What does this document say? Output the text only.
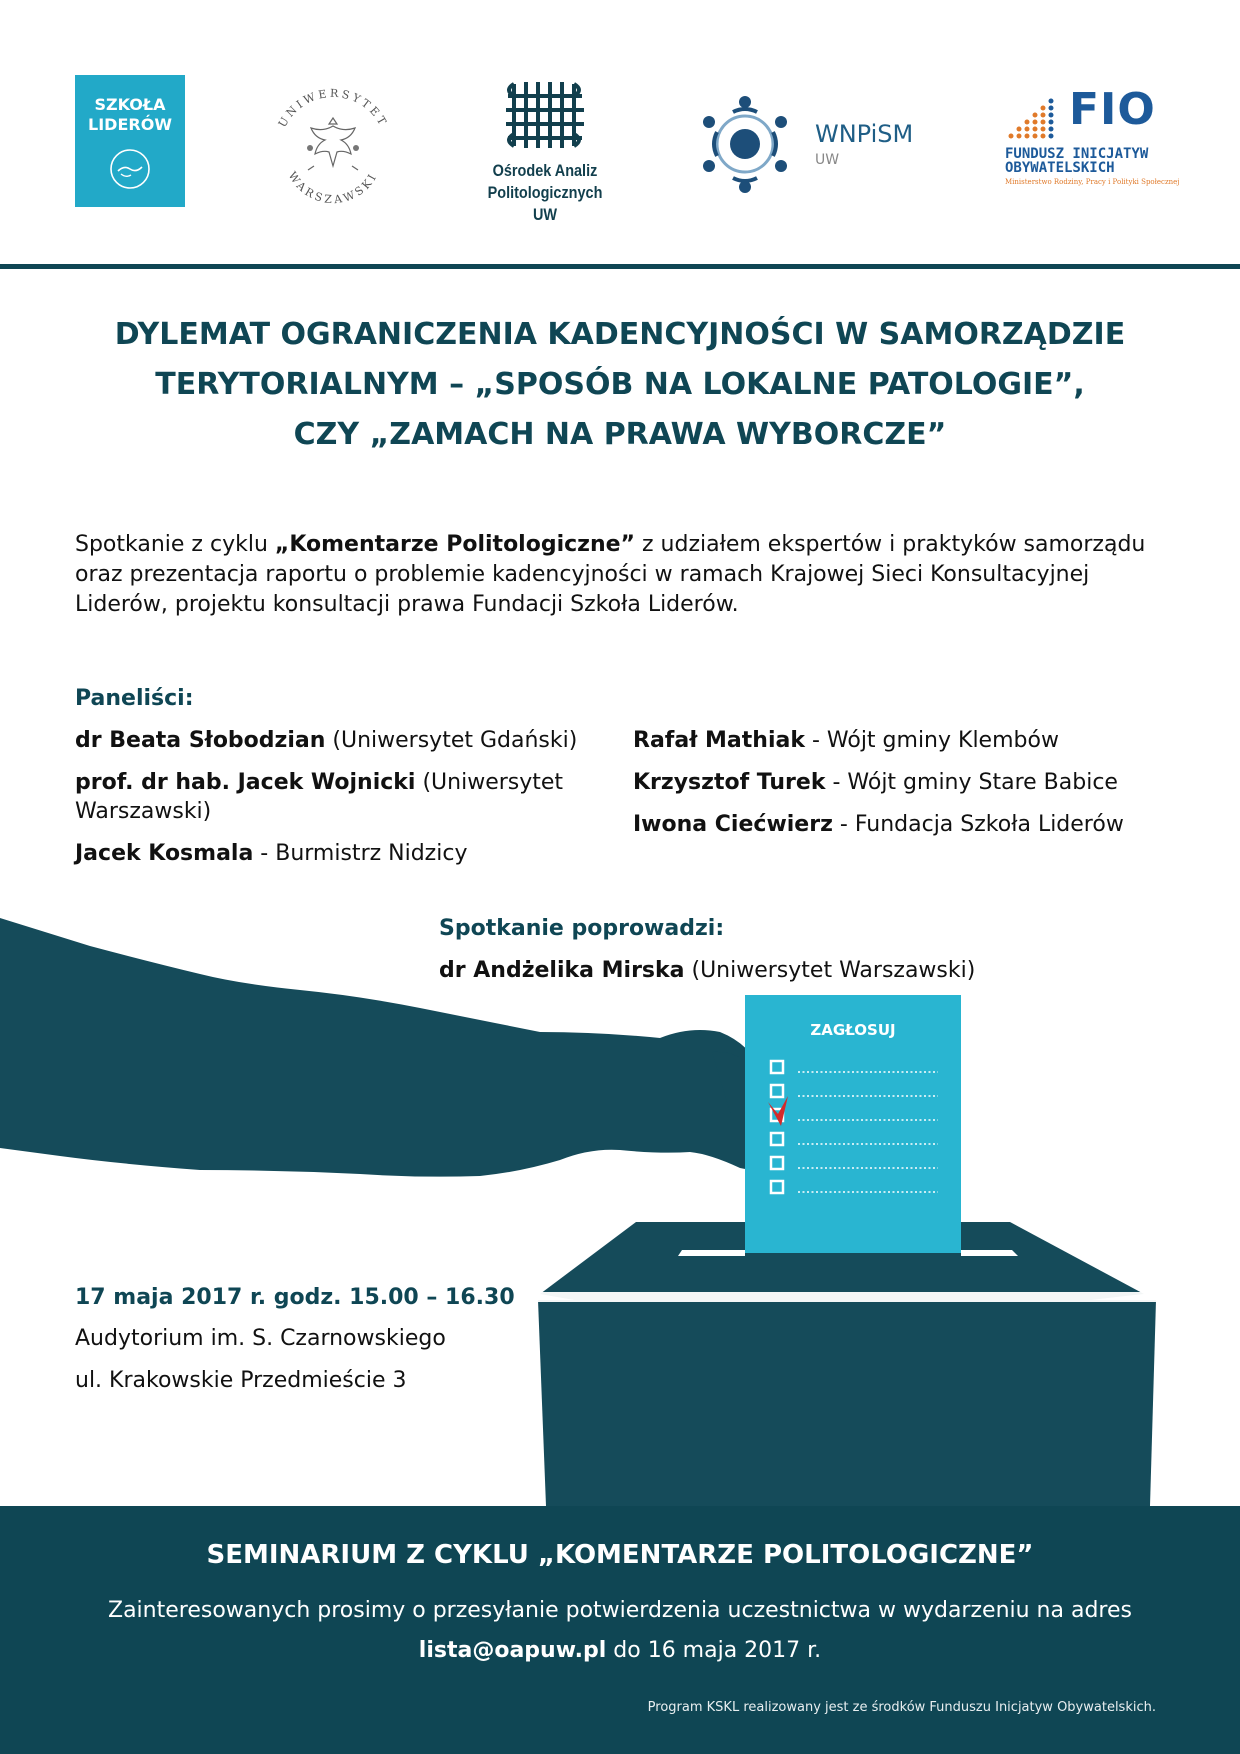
SZKOŁA
LIDERÓW	UNIWERSYTET
WARSZAWSKI	Ośrodek Analiz
Politologicznych UW
WNPiSM
UW
FIO
FUNDUSZ INICJATYW
OBYWATELSKICH
Ministerstwo Rodziny, Pracy i Polityki Społecznej
DYLEMAT OGRANICZENIA KADENCYJNOŚCI W SAMORZĄDZIE
TERYTORIALNYM – „SPOSÓB NA LOKALNE PATOLOGIE”,
CZY „ZAMACH NA PRAWA WYBORCZE”
Spotkanie z cyklu „Komentarze Politologiczne” z udziałem ekspertów i praktyków samorządu oraz prezentacja raportu o problemie kadencyjności w ramach Krajowej Sieci Konsultacyjnej Liderów, projektu konsultacji prawa Fundacji Szkoła Liderów.
Paneliści:

dr Beata Słobodzian (Uniwersytet Gdański)

prof. dr hab. Jacek Wojnicki (Uniwersytet Warszawski)

Jacek Kosmala - Burmistrz Nidzicy

Rafał Mathiak - Wójt gminy Klembów

Krzysztof Turek - Wójt gminy Stare Babice

Iwona Ciećwierz - Fundacja Szkoła Liderów

ZAGŁOSUJ
Spotkanie poprowadzi:
dr Andżelika Mirska (Uniwersytet Warszawski)
17 maja 2017 r. godz. 15.00 – 16.30
Audytorium im. S. Czarnowskiego
ul. Krakowskie Przedmieście 3
SEMINARIUM Z CYKLU „KOMENTARZE POLITOLOGICZNE”
Zainteresowanych prosimy o przesyłanie potwierdzenia uczestnictwa w wydarzeniu na adres
lista@oapuw.pl do 16 maja 2017 r.
Program KSKL realizowany jest ze środków Funduszu Inicjatyw Obywatelskich.
